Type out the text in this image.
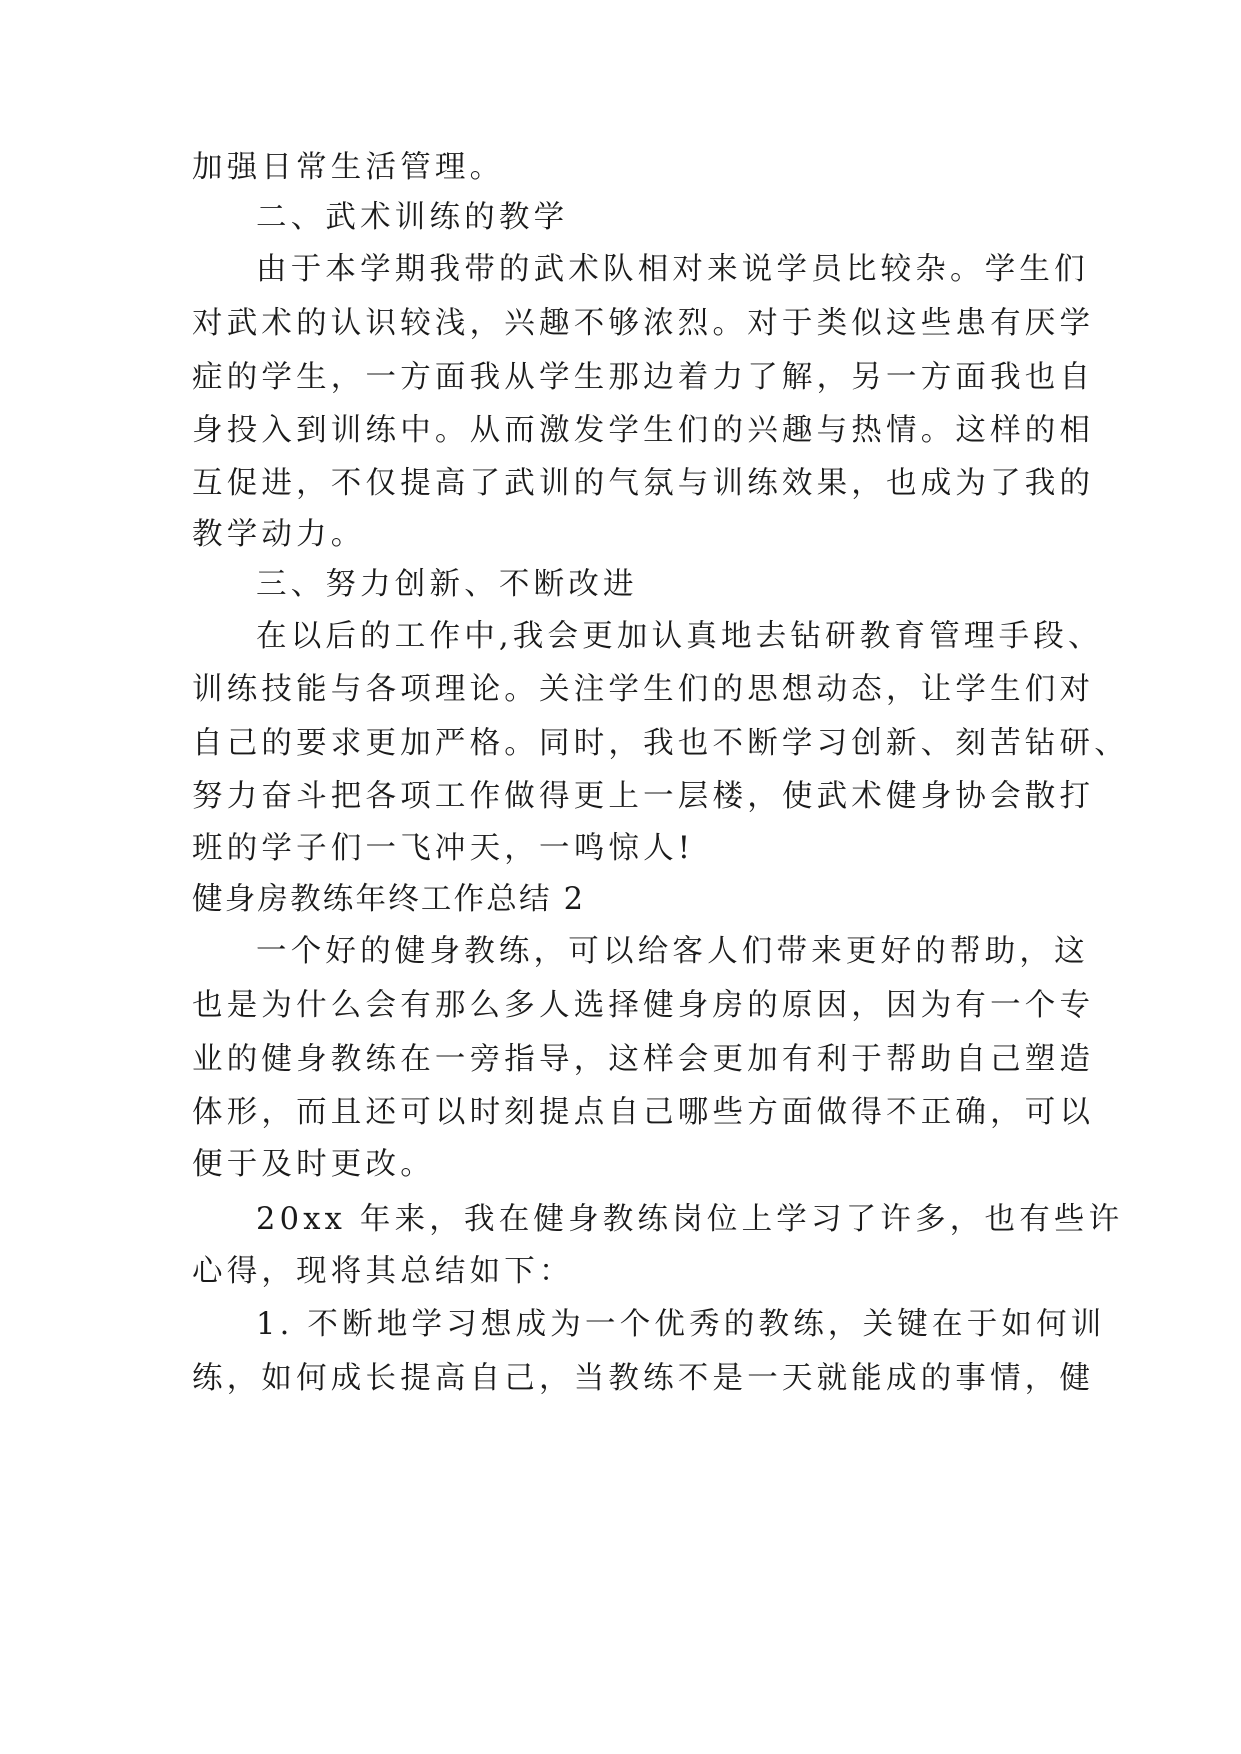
加强日常生活管理。
二、武术训练的教学
由于本学期我带的武术队相对来说学员比较杂。学生们
对武术的认识较浅，兴趣不够浓烈。对于类似这些患有厌学
症的学生，一方面我从学生那边着力了解，另一方面我也自
身投入到训练中。从而激发学生们的兴趣与热情。这样的相
互促进，不仅提高了武训的气氛与训练效果，也成为了我的
教学动力。
三、努力创新、不断改进
在以后的工作中,我会更加认真地去钻研教育管理手段、
训练技能与各项理论。关注学生们的思想动态，让学生们对
自己的要求更加严格。同时，我也不断学习创新、刻苦钻研、
努力奋斗把各项工作做得更上一层楼，使武术健身协会散打
班的学子们一飞冲天，一鸣惊人!
健身房教练年终工作总结 2
一个好的健身教练，可以给客人们带来更好的帮助，这
也是为什么会有那么多人选择健身房的原因，因为有一个专
业的健身教练在一旁指导，这样会更加有利于帮助自己塑造
体形，而且还可以时刻提点自己哪些方面做得不正确，可以
便于及时更改。
20xx 年来，我在健身教练岗位上学习了许多，也有些许
心得，现将其总结如下：
1. 不断地学习想成为一个优秀的教练，关键在于如何训
练，如何成长提高自己，当教练不是一天就能成的事情，健
